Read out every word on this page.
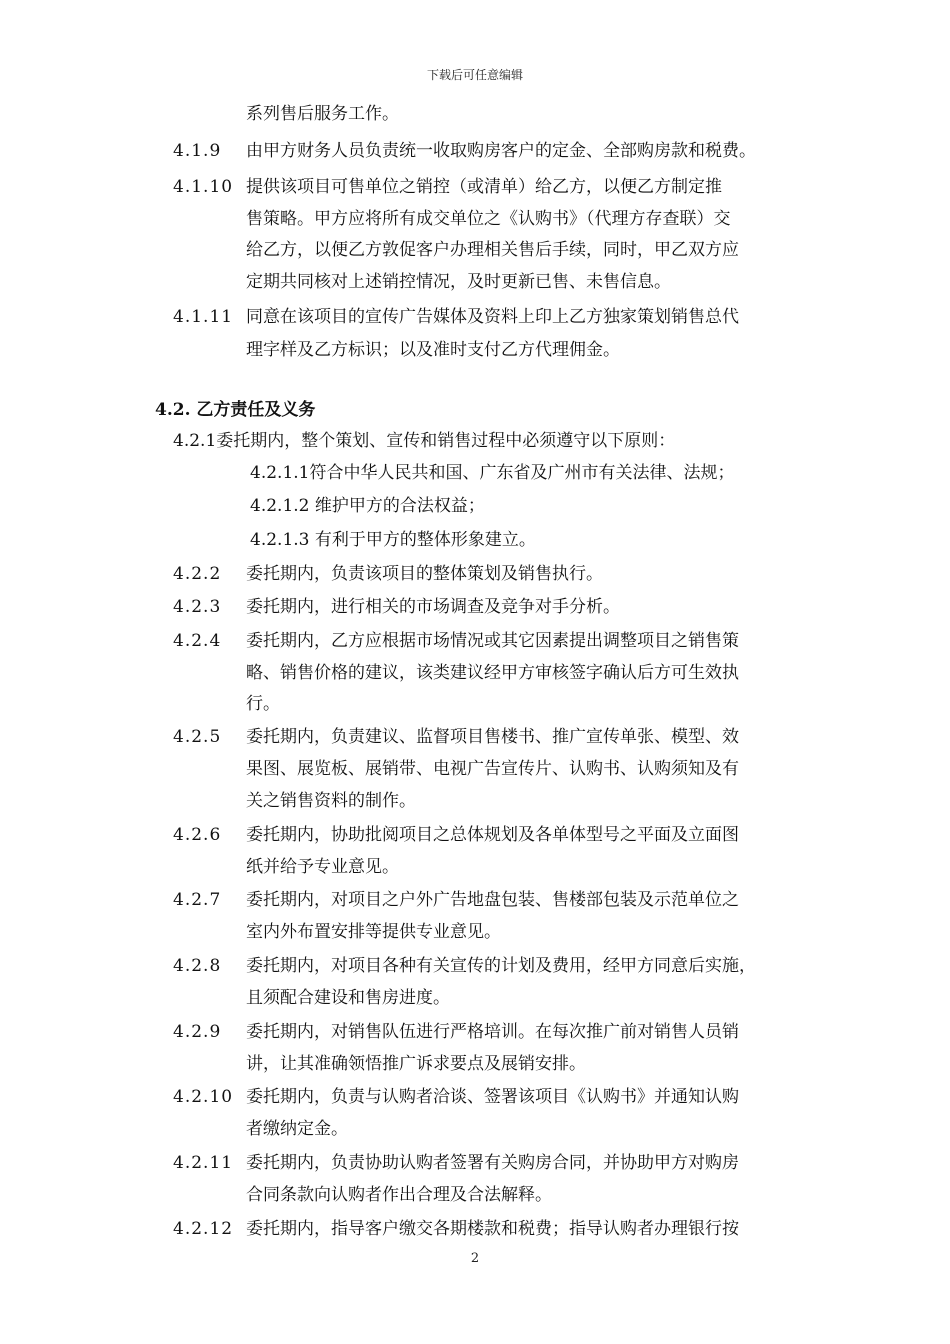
下载后可任意编辑
系列售后服务工作。
4.1.9 由甲方财务人员负责统一收取购房客户的定金、全部购房款和税费。
4.1.10 提供该项目可售单位之销控（或清单）给乙方，以便乙方制定推
售策略。甲方应将所有成交单位之《认购书》（代理方存查联）交
给乙方，以便乙方敦促客户办理相关售后手续，同时，甲乙双方应
定期共同核对上述销控情况，及时更新已售、未售信息。
4.1.11 同意在该项目的宣传广告媒体及资料上印上乙方独家策划销售总代
理字样及乙方标识；以及准时支付乙方代理佣金。
4.2. 乙方责任及义务
4.2.1委托期内，整个策划、宣传和销售过程中必须遵守以下原则：
4.2.1.1符合中华人民共和国、广东省及广州市有关法律、法规；
4.2.1.2 维护甲方的合法权益；
4.2.1.3 有利于甲方的整体形象建立。
4.2.2 委托期内，负责该项目的整体策划及销售执行。
4.2.3 委托期内，进行相关的市场调查及竞争对手分析。
4.2.4 委托期内，乙方应根据市场情况或其它因素提出调整项目之销售策
略、销售价格的建议，该类建议经甲方审核签字确认后方可生效执
行。
4.2.5 委托期内，负责建议、监督项目售楼书、推广宣传单张、模型、效
果图、展览板、展销带、电视广告宣传片、认购书、认购须知及有
关之销售资料的制作。
4.2.6 委托期内，协助批阅项目之总体规划及各单体型号之平面及立面图
纸并给予专业意见。
4.2.7 委托期内，对项目之户外广告地盘包装、售楼部包装及示范单位之
室内外布置安排等提供专业意见。
4.2.8 委托期内，对项目各种有关宣传的计划及费用，经甲方同意后实施，
且须配合建设和售房进度。
4.2.9 委托期内，对销售队伍进行严格培训。在每次推广前对销售人员销
讲，让其准确领悟推广诉求要点及展销安排。
4.2.10 委托期内，负责与认购者洽谈、签署该项目《认购书》并通知认购
者缴纳定金。
4.2.11 委托期内，负责协助认购者签署有关购房合同，并协助甲方对购房
合同条款向认购者作出合理及合法解释。
4.2.12 委托期内，指导客户缴交各期楼款和税费；指导认购者办理银行按
2
